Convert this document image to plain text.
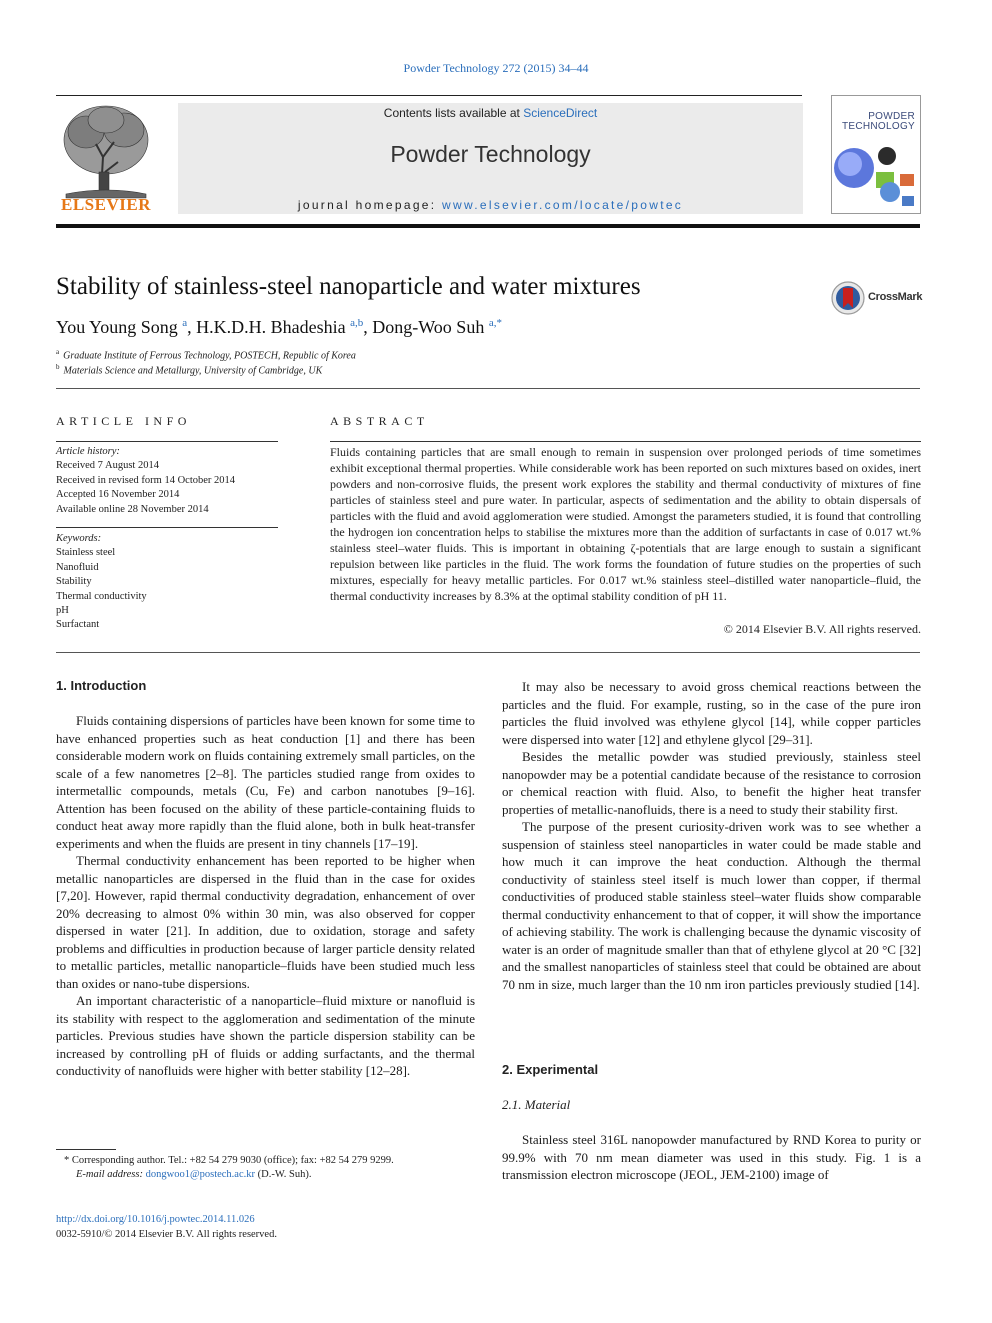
Powder Technology 272 (2015) 34–44
ELSEVIER
Contents lists available at ScienceDirect
Powder Technology
journal homepage: www.elsevier.com/locate/powtec
POWDER
TECHNOLOGY
Stability of stainless-steel nanoparticle and water mixtures	CrossMark
You Young Song $^a$, H.K.D.H. Bhadeshia $^{a,b}$, Dong-Woo Suh $^{a,*}$
$^a$ Graduate Institute of Ferrous Technology, POSTECH, Republic of Korea
$^b$ Materials Science and Metallurgy, University of Cambridge, UK
ARTICLE INFO
Article history:
Received 7 August 2014
Received in revised form 14 October 2014
Accepted 16 November 2014
Available online 28 November 2014
Keywords:
Stainless steel
Nanofluid
Stability
Thermal conductivity
pH
Surfactant
ABSTRACT
Fluids containing particles that are small enough to remain in suspension over prolonged periods of time sometimes exhibit exceptional thermal properties. While considerable work has been reported on such mixtures based on oxides, inert powders and non-corrosive fluids, the present work explores the stability and thermal conductivity of mixtures of fine particles of stainless steel and pure water. In particular, aspects of sedimentation and the ability to obtain dispersals of particles with the fluid and avoid agglomeration were studied. Amongst the parameters studied, it is found that controlling the hydrogen ion concentration helps to stabilise the mixtures more than the addition of surfactants in case of 0.017 wt.% stainless steel–water fluids. This is important in obtaining ζ-potentials that are large enough to sustain a significant repulsion between like particles in the fluid. The work forms the foundation of future studies on the properties of such mixtures, especially for heavy metallic particles. For 0.017 wt.% stainless steel–distilled water nanoparticle–fluid, the thermal conductivity increases by 8.3% at the optimal stability condition of pH 11.
© 2014 Elsevier B.V. All rights reserved.
1. Introduction

Fluids containing dispersions of particles have been known for some time to have enhanced properties such as heat conduction [1] and there has been considerable modern work on fluids containing extremely small particles, on the scale of a few nanometres [2–8]. The particles studied range from oxides to intermetallic compounds, metals (Cu, Fe) and carbon nanotubes [9–16]. Attention has been focused on the ability of these particle-containing fluids to conduct heat away more rapidly than the fluid alone, both in bulk heat-transfer experiments and when the fluids are present in tiny channels [17–19].

Thermal conductivity enhancement has been reported to be higher when metallic nanoparticles are dispersed in the fluid than in the case for oxides [7,20]. However, rapid thermal conductivity degradation, enhancement of over 20% decreasing to almost 0% within 30 min, was also observed for copper dispersed in water [21]. In addition, due to oxidation, storage and safety problems and difficulties in production because of larger particle density related to metallic particles, metallic nanoparticle–fluids have been studied much less than oxides or nano-tube dispersions.

An important characteristic of a nanoparticle–fluid mixture or nanofluid is its stability with respect to the agglomeration and sedimentation of the minute particles. Previous studies have shown the particle dispersion stability can be increased by controlling pH of fluids or adding surfactants, and the thermal conductivity of nanofluids were higher with better stability [12–28].

* Corresponding author. Tel.: +82 54 279 9030 (office); fax: +82 54 279 9299.
E-mail address: dongwoo1@postech.ac.kr (D.-W. Suh).
http://dx.doi.org/10.1016/j.powtec.2014.11.026
0032-5910/© 2014 Elsevier B.V. All rights reserved.

It may also be necessary to avoid gross chemical reactions between the particles and the fluid. For example, rusting, so in the case of the pure iron particles the fluid involved was ethylene glycol [14], while copper particles were dispersed into water [12] and ethylene glycol [29–31].

Besides the metallic powder was studied previously, stainless steel nanopowder may be a potential candidate because of the resistance to corrosion or chemical reaction with fluid. Also, to benefit the higher heat transfer properties of metallic-nanofluids, there is a need to study their stability first.

The purpose of the present curiosity-driven work was to see whether a suspension of stainless steel nanoparticles in water could be made stable and how much it can improve the heat conduction. Although the thermal conductivity of stainless steel itself is much lower than copper, if thermal conductivities of produced stable stainless steel–water fluids show comparable thermal conductivity enhancement to that of copper, it will show the importance of achieving stability. The work is challenging because the dynamic viscosity of water is an order of magnitude smaller than that of ethylene glycol at 20 °C [32] and the smallest nanoparticles of stainless steel that could be obtained are about 70 nm in size, much larger than the 10 nm iron particles previously studied [14].

2. Experimental
2.1. Material

Stainless steel 316L nanopowder manufactured by RND Korea to purity or 99.9% with 70 nm mean diameter was used in this study. Fig. 1 is a transmission electron microscope (JEOL, JEM-2100) image of
